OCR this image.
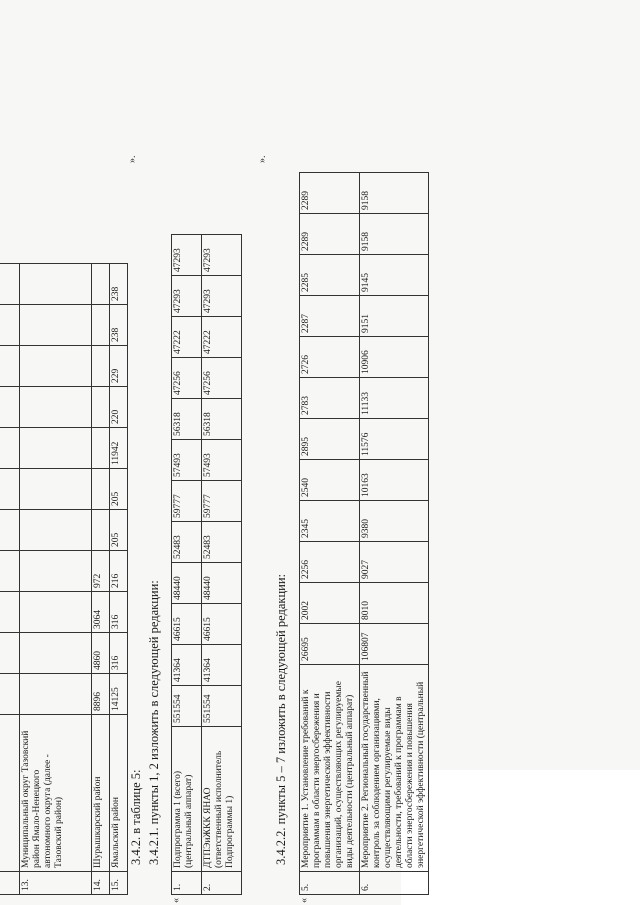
13.	Муниципальный округ Тазовский район Ямало-Ненецкого автономного округа (далее - Тазовский район)											
14.	Шурышкарский район	8896	4860	3064	972							
15.	Ямальский район	14125	316	316	216	205	205	11942	220	229	238	238
».
«
3.4.2. в таблице 5: 3.4.2.1. пункты 1, 2 изложить в следующей редакции:
1.	Подпрограмма 1 (всего) (центральный аппарат)	551554	41364	46615	48440	52483	59777	57493	56318	47256	47222	47293	47293
2.	ДТПЭиЖКК ЯНАО (ответственный исполнитель Подпрограммы 1)	551554	41364	46615	48440	52483	59777	57493	56318	47256	47222	47293	47293
».
«
3.4.2.2. пункты 5 – 7 изложить в следующей редакции:
5.	Мероприятие 1. Установление требований к программам в области энергосбережения и повышения энергетической эффективности организаций, осуществляющих регулируемые виды деятельности (центральный аппарат)	26695	2002	2256	2345	2540	2895	2783	2726	2287	2285	2289	2289
6.	Мероприятие 2. Региональный государственный контроль за соблюдением организациями, осуществляющими регулируемые виды деятельности, требований к программам в области энергосбережения и повышения энергетической эффективности (центральный	106807	8010	9027	9380	10163	11576	11133	10906	9151	9145	9158	9158
